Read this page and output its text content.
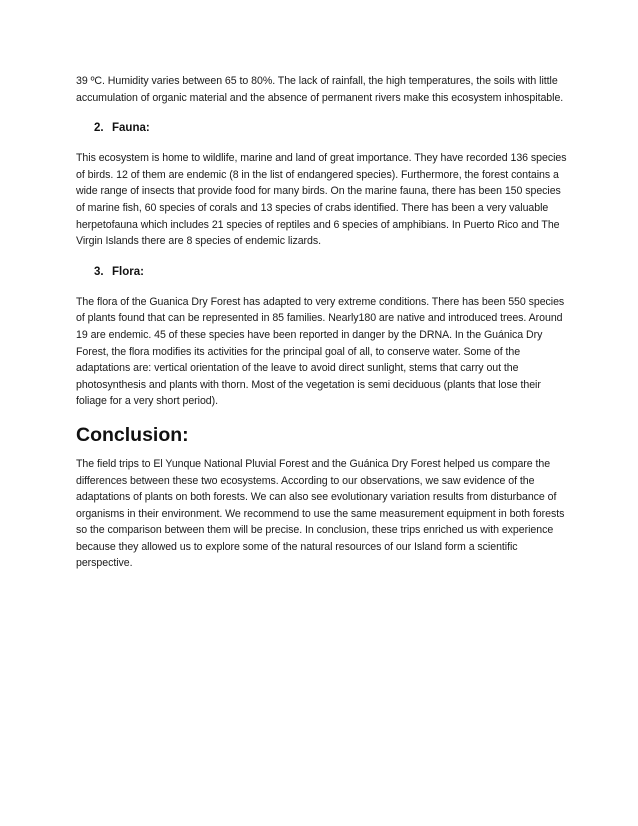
39 ºC. Humidity varies between 65 to 80%. The lack of rainfall, the high temperatures, the soils with little accumulation of organic material and the absence of permanent rivers make this ecosystem inhospitable.

2. Fauna:

This ecosystem is home to wildlife, marine and land of great importance. They have recorded 136 species of birds. 12 of them are endemic (8 in the list of endangered species). Furthermore, the forest contains a wide range of insects that provide food for many birds. On the marine fauna, there has been 150 species of marine fish, 60 species of corals and 13 species of crabs identified. There has been a very valuable herpetofauna which includes 21 species of reptiles and 6 species of amphibians. In Puerto Rico and The Virgin Islands there are 8 species of endemic lizards.

3. Flora:

The flora of the Guanica Dry Forest has adapted to very extreme conditions. There has been 550 species of plants found that can be represented in 85 families. Nearly180 are native and introduced trees. Around 19 are endemic. 45 of these species have been reported in danger by the DRNA. In the Guánica Dry Forest, the flora modifies its activities for the principal goal of all, to conserve water. Some of the adaptations are: vertical orientation of the leave to avoid direct sunlight, stems that carry out the photosynthesis and plants with thorn. Most of the vegetation is semi deciduous (plants that lose their foliage for a very short period).

Conclusion:

The field trips to El Yunque National Pluvial Forest and the Guánica Dry Forest helped us compare the differences between these two ecosystems. According to our observations, we saw evidence of the adaptations of plants on both forests. We can also see evolutionary variation results from disturbance of organisms in their environment. We recommend to use the same measurement equipment in both forests so the comparison between them will be precise. In conclusion, these trips enriched us with experience because they allowed us to explore some of the natural resources of our Island form a scientific perspective.
